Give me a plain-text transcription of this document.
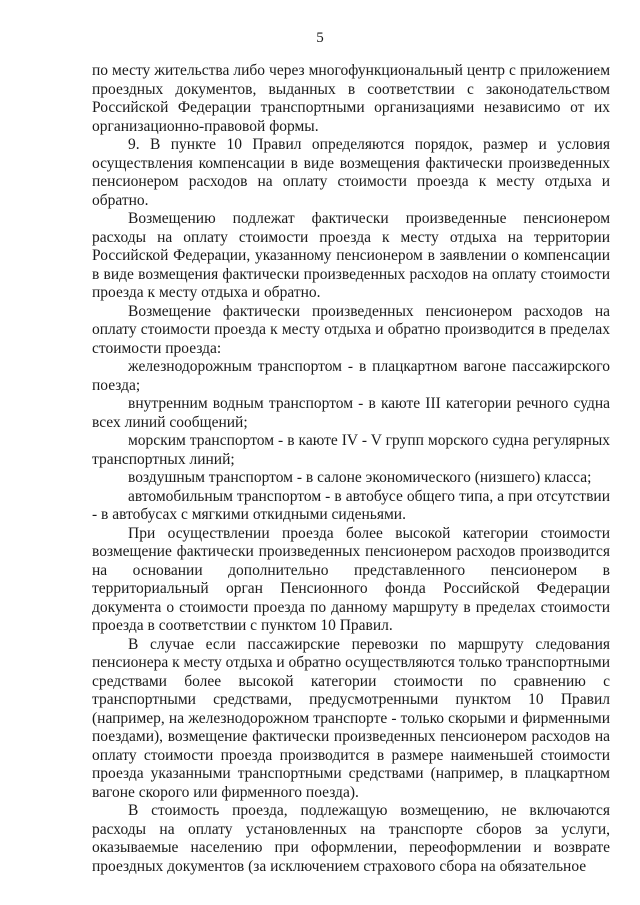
5

по месту жительства либо через многофункциональный центр с приложением проездных документов, выданных в соответствии с законодательством Российской Федерации транспортными организациями независимо от их организационно-правовой формы.

9. В пункте 10 Правил определяются порядок, размер и условия осуществления компенсации в виде возмещения фактически произведенных пенсионером расходов на оплату стоимости проезда к месту отдыха и обратно.

Возмещению подлежат фактически произведенные пенсионером расходы на оплату стоимости проезда к месту отдыха на территории Российской Федерации, указанному пенсионером в заявлении о компенсации в виде возмещения фактически произведенных расходов на оплату стоимости проезда к месту отдыха и обратно.

Возмещение фактически произведенных пенсионером расходов на оплату стоимости проезда к месту отдыха и обратно производится в пределах стоимости проезда:

железнодорожным транспортом - в плацкартном вагоне пассажирского поезда;

внутренним водным транспортом - в каюте III категории речного судна всех линий сообщений;

морским транспортом - в каюте IV - V групп морского судна регулярных транспортных линий;

воздушным транспортом - в салоне экономического (низшего) класса;

автомобильным транспортом - в автобусе общего типа, а при отсутствии - в автобусах с мягкими откидными сиденьями.

При осуществлении проезда более высокой категории стоимости возмещение фактически произведенных пенсионером расходов производится на основании дополнительно представленного пенсионером в территориальный орган Пенсионного фонда Российской Федерации документа о стоимости проезда по данному маршруту в пределах стоимости проезда в соответствии с пунктом 10 Правил.

В случае если пассажирские перевозки по маршруту следования пенсионера к месту отдыха и обратно осуществляются только транспортными средствами более высокой категории стоимости по сравнению с транспортными средствами, предусмотренными пунктом 10 Правил (например, на железнодорожном транспорте - только скорыми и фирменными поездами), возмещение фактически произведенных пенсионером расходов на оплату стоимости проезда производится в размере наименьшей стоимости проезда указанными транспортными средствами (например, в плацкартном вагоне скорого или фирменного поезда).

В стоимость проезда, подлежащую возмещению, не включаются расходы на оплату установленных на транспорте сборов за услуги, оказываемые населению при оформлении, переоформлении и возврате проездных документов (за исключением страхового сбора на обязательное
